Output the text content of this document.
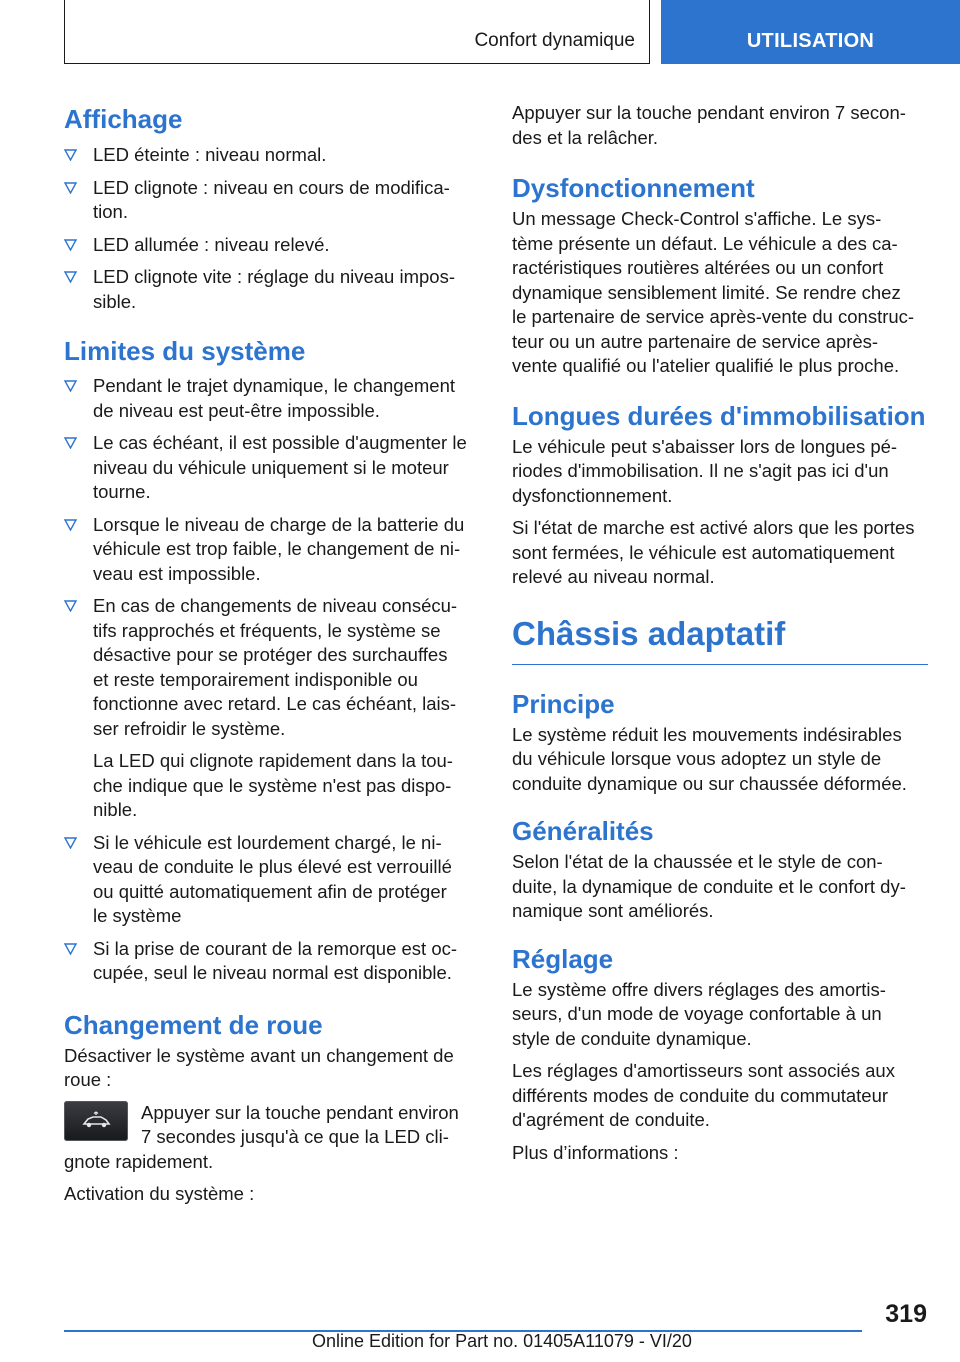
Confort dynamique	UTILISATION
Affichage
LED éteinte : niveau normal.
LED clignote : niveau en cours de modifica‐
tion.
LED allumée : niveau relevé.
LED clignote vite : réglage du niveau impos‐
sible.
Limites du système
Pendant le trajet dynamique, le changement
de niveau est peut-être impossible.
Le cas échéant, il est possible d'augmenter le
niveau du véhicule uniquement si le moteur
tourne.
Lorsque le niveau de charge de la batterie du
véhicule est trop faible, le changement de ni‐
veau est impossible.
En cas de changements de niveau consécu‐
tifs rapprochés et fréquents, le système se
désactive pour se protéger des surchauffes
et reste temporairement indisponible ou
fonctionne avec retard. Le cas échéant, lais‐
ser refroidir le système.
La LED qui clignote rapidement dans la tou‐
che indique que le système n'est pas dispo‐
nible.
Si le véhicule est lourdement chargé, le ni‐
veau de conduite le plus élevé est verrouillé
ou quitté automatiquement afin de protéger
le système
Si la prise de courant de la remorque est oc‐
cupée, seul le niveau normal est disponible.
Changement de roue
Désactiver le système avant un changement de
roue :
Appuyer sur la touche pendant environ
7 secondes jusqu'à ce que la LED cli‐
gnote rapidement.
Activation du système :
Appuyer sur la touche pendant environ 7 secon‐
des et la relâcher.
Dysfonctionnement
Un message Check-Control s'affiche. Le sys‐
tème présente un défaut. Le véhicule a des ca‐
ractéristiques routières altérées ou un confort
dynamique sensiblement limité. Se rendre chez
le partenaire de service après-vente du construc‐
teur ou un autre partenaire de service après-
vente qualifié ou l'atelier qualifié le plus proche.
Longues durées d'immobilisation
Le véhicule peut s'abaisser lors de longues pé‐
riodes d'immobilisation. Il ne s'agit pas ici d'un
dysfonctionnement.
Si l'état de marche est activé alors que les portes
sont fermées, le véhicule est automatiquement
relevé au niveau normal.
Châssis adaptatif
Principe
Le système réduit les mouvements indésirables
du véhicule lorsque vous adoptez un style de
conduite dynamique ou sur chaussée déformée.
Généralités
Selon l'état de la chaussée et le style de con‐
duite, la dynamique de conduite et le confort dy‐
namique sont améliorés.
Réglage
Le système offre divers réglages des amortis‐
seurs, d'un mode de voyage confortable à un
style de conduite dynamique.
Les réglages d'amortisseurs sont associés aux
différents modes de conduite du commutateur
d'agrément de conduite.
Plus d’informations :
319
Online Edition for Part no. 01405A11079 - VI/20
